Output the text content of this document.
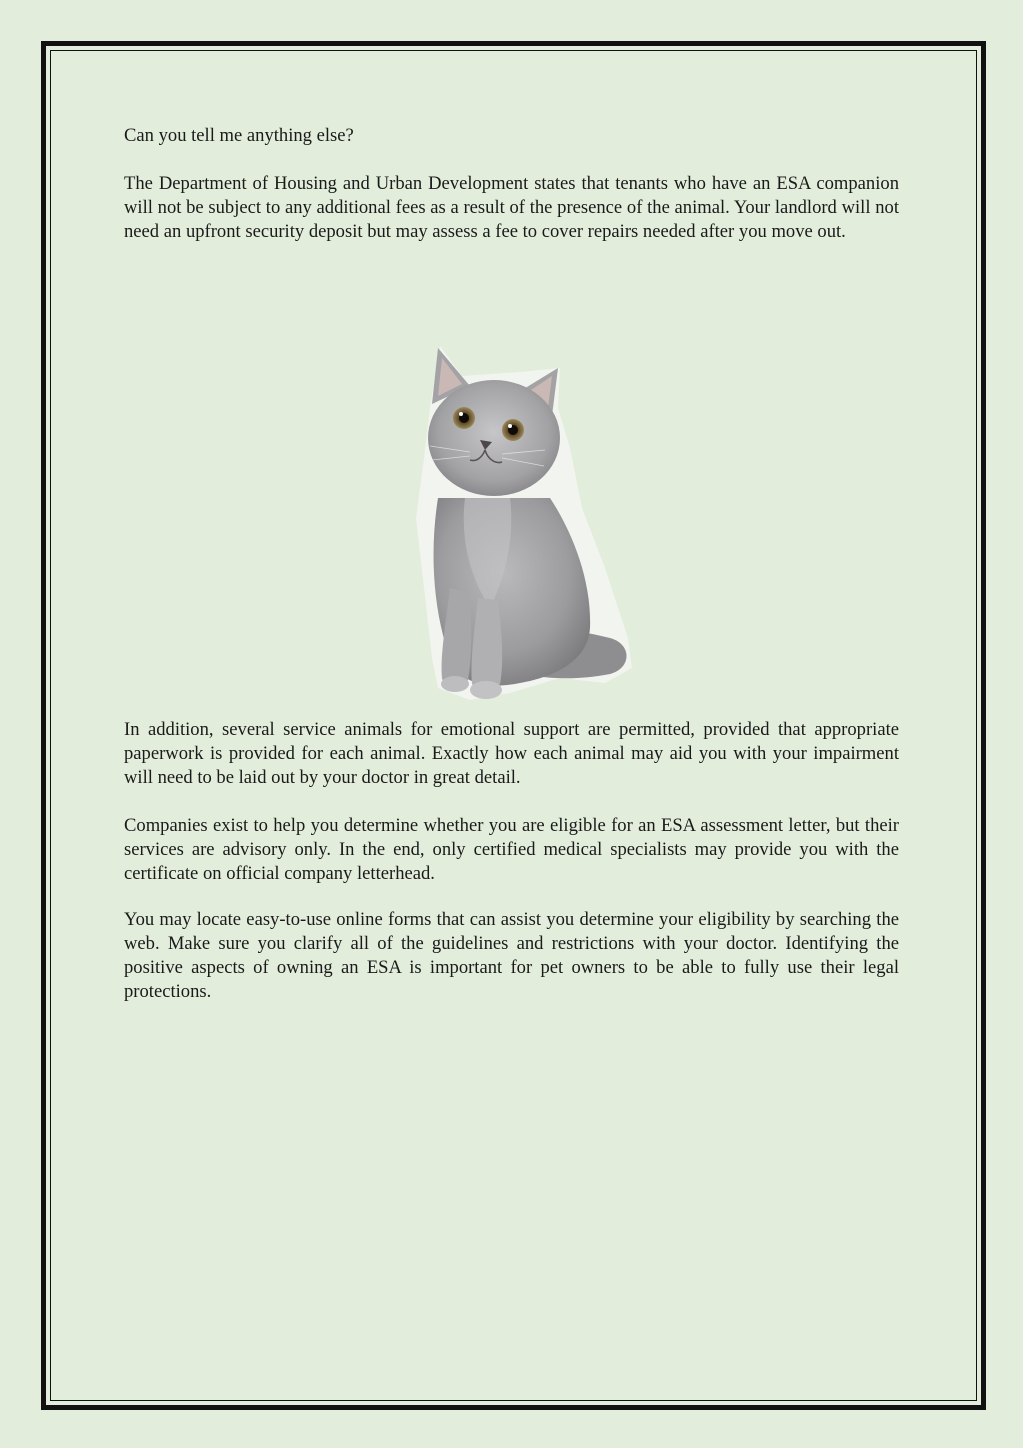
Can you tell me anything else?

The Department of Housing and Urban Development states that tenants who have an ESA companion will not be subject to any additional fees as a result of the presence of the animal. Your landlord will not need an upfront security deposit but may assess a fee to cover repairs needed after you move out.

In addition, several service animals for emotional support are permitted, provided that appropriate paperwork is provided for each animal. Exactly how each animal may aid you with your impairment will need to be laid out by your doctor in great detail.

Companies exist to help you determine whether you are eligible for an ESA assessment letter, but their services are advisory only. In the end, only certified medical specialists may provide you with the certificate on official company letterhead.

You may locate easy-to-use online forms that can assist you determine your eligibility by searching the web. Make sure you clarify all of the guidelines and restrictions with your doctor. Identifying the positive aspects of owning an ESA is important for pet owners to be able to fully use their legal protections.
